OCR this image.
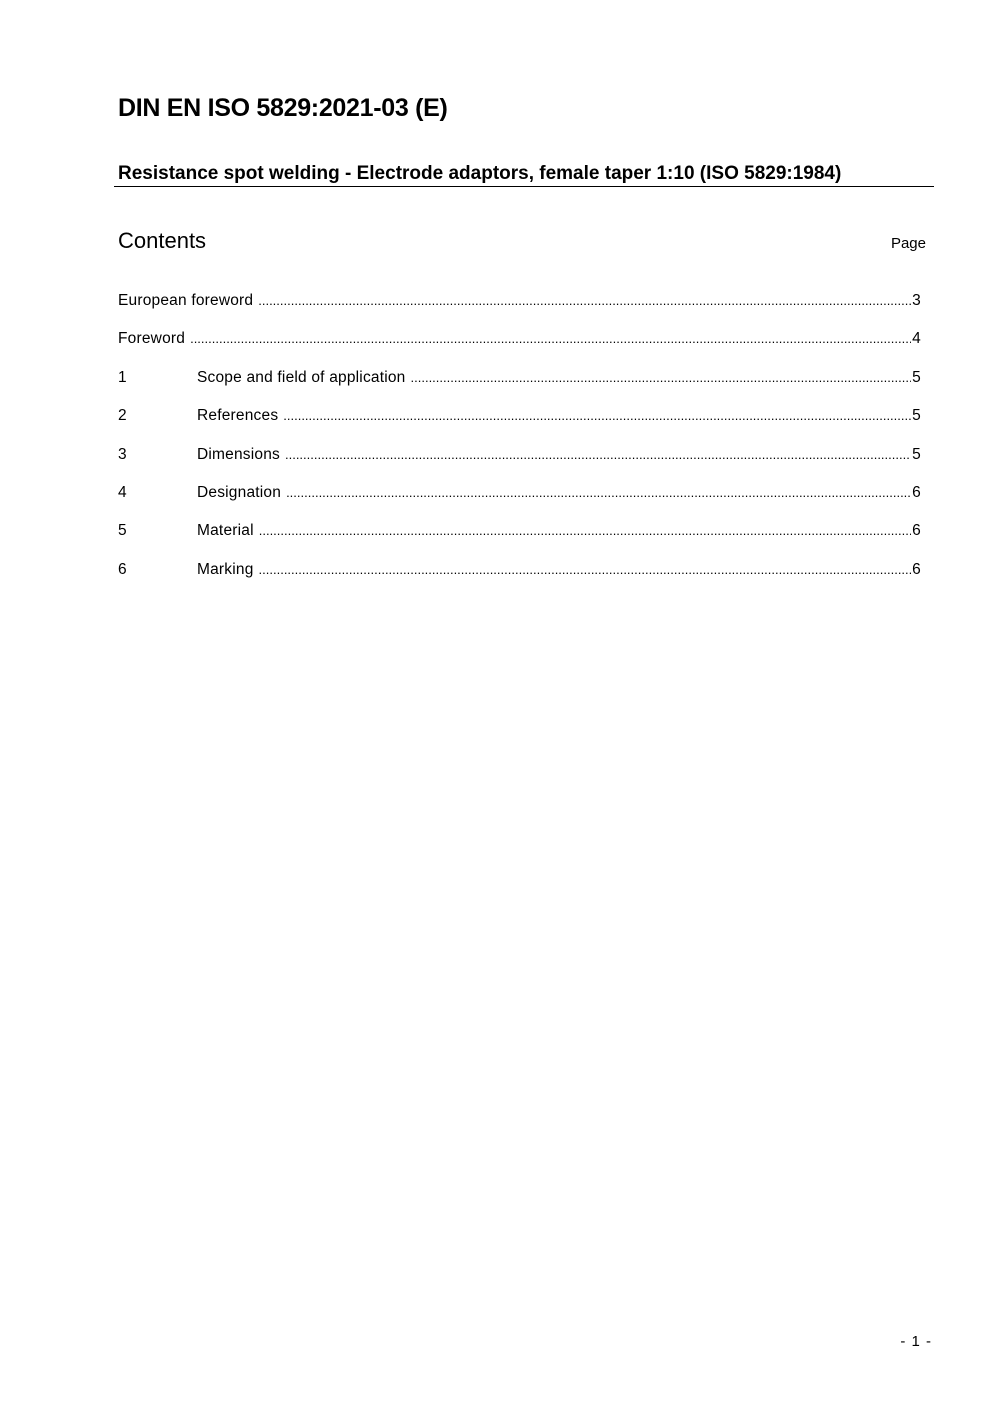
DIN EN ISO 5829:2021-03 (E)
Resistance spot welding - Electrode adaptors, female taper 1:10 (ISO 5829:1984)
Contents	Page
European foreword .....	3
Foreword .....	4
1	Scope and field of application .....	5
2	References .....	5
3	Dimensions .....	5
4	Designation .....	6
5	Material .....	6
6	Marking .....	6
- 1 -
